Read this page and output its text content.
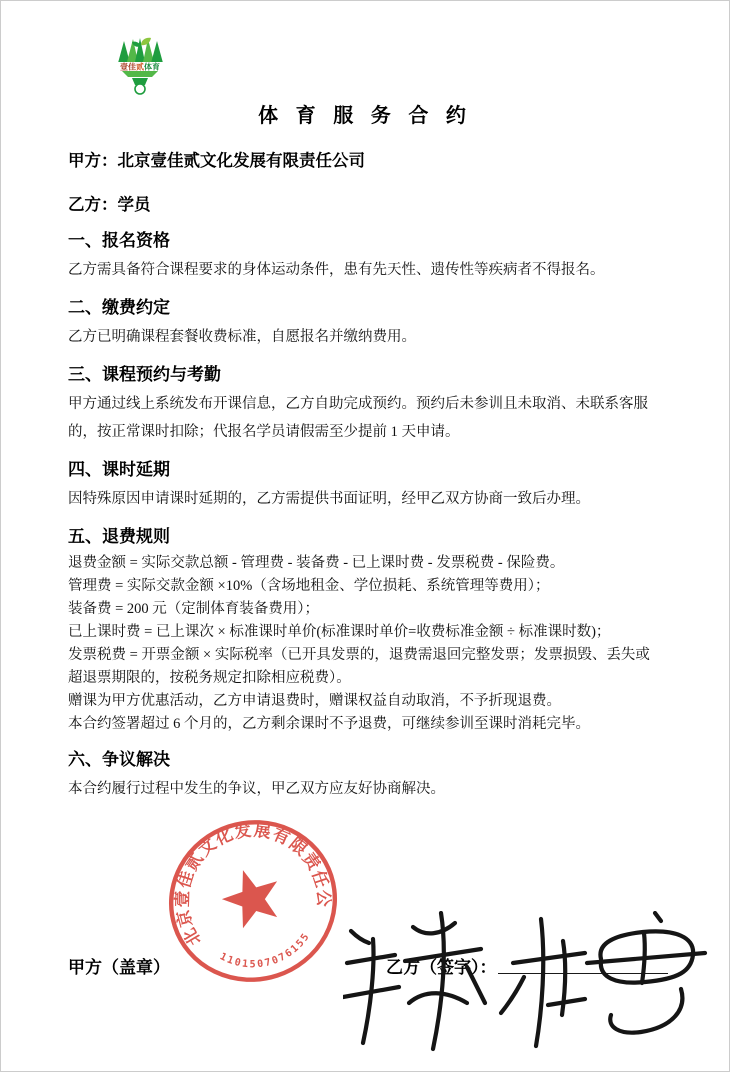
壹佳贰体育
体 育 服 务 合 约

甲方：北京壹佳贰文化发展有限责任公司

乙方：学员

一、报名资格

乙方需具备符合课程要求的身体运动条件，患有先天性、遗传性等疾病者不得报名。

二、缴费约定

乙方已明确课程套餐收费标准，自愿报名并缴纳费用。

三、课程预约与考勤

甲方通过线上系统发布开课信息，乙方自助完成预约。预约后未参训且未取消、未联系客服的，按正常课时扣除；代报名学员请假需至少提前 1 天申请。

四、课时延期

因特殊原因申请课时延期的，乙方需提供书面证明，经甲乙双方协商一致后办理。

五、退费规则

退费金额 = 实际交款总额 - 管理费 - 装备费 - 已上课时费 - 发票税费 - 保险费。

管理费 = 实际交款金额 ×10%（含场地租金、学位损耗、系统管理等费用）；

装备费 = 200 元（定制体育装备费用）；

已上课时费 = 已上课次 × 标准课时单价(标准课时单价=收费标准金额 ÷ 标准课时数)；

发票税费 = 开票金额 × 实际税率（已开具发票的，退费需退回完整发票；发票损毁、丢失或超退票期限的，按税务规定扣除相应税费）。

赠课为甲方优惠活动，乙方申请退费时，赠课权益自动取消，不予折现退费。

本合约签署超过 6 个月的，乙方剩余课时不予退费，可继续参训至课时消耗完毕。

六、争议解决

本合约履行过程中发生的争议，甲乙双方应友好协商解决。

北京壹佳贰文化发展有限责任公司
1101507076155
甲方（盖章）	乙方（签字）：
